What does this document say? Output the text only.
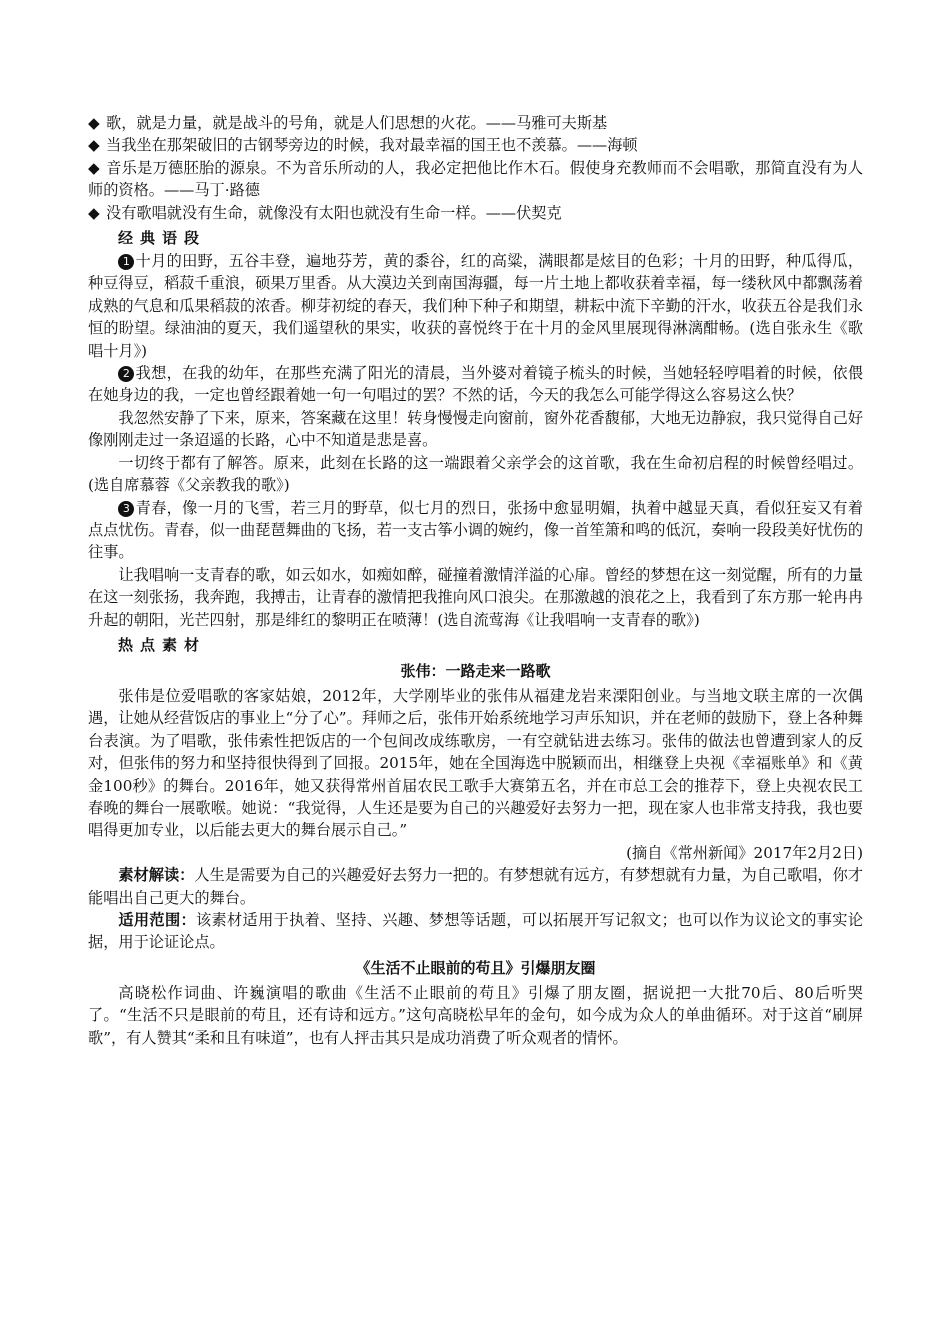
◆ 歌，就是力量，就是战斗的号角，就是人们思想的火花。——马雅可夫斯基

◆ 当我坐在那架破旧的古钢琴旁边的时候，我对最幸福的国王也不羡慕。——海顿

◆ 音乐是万德胚胎的源泉。不为音乐所动的人，我必定把他比作木石。假使身充教师而不会唱歌，那简直没有为人师的资格。——马丁·路德

◆ 没有歌唱就没有生命，就像没有太阳也就没有生命一样。——伏契克

经典语段

1 十月的田野，五谷丰登，遍地芬芳，黄的黍谷，红的高粱，满眼都是炫目的色彩；十月的田野，种瓜得瓜，种豆得豆，稻菽千重浪，硕果万里香。从大漠边关到南国海疆，每一片土地上都收获着幸福，每一缕秋风中都飘荡着成熟的气息和瓜果稻菽的浓香。柳芽初绽的春天，我们种下种子和期望，耕耘中流下辛勤的汗水，收获五谷是我们永恒的盼望。绿油油的夏天，我们遥望秋的果实，收获的喜悦终于在十月的金风里展现得淋漓酣畅。(选自张永生《歌唱十月》)

2 我想，在我的幼年，在那些充满了阳光的清晨，当外婆对着镜子梳头的时候，当她轻轻哼唱着的时候，依偎在她身边的我，一定也曾经跟着她一句一句唱过的罢？不然的话，今天的我怎么可能学得这么容易这么快？

我忽然安静了下来，原来，答案藏在这里！转身慢慢走向窗前，窗外花香馥郁，大地无边静寂，我只觉得自己好像刚刚走过一条迢遥的长路，心中不知道是悲是喜。

一切终于都有了解答。原来，此刻在长路的这一端跟着父亲学会的这首歌，我在生命初启程的时候曾经唱过。(选自席慕蓉《父亲教我的歌》)

3 青春，像一月的飞雪，若三月的野草，似七月的烈日，张扬中愈显明媚，执着中越显天真，看似狂妄又有着点点忧伤。青春，似一曲琵琶舞曲的飞扬，若一支古筝小调的婉约，像一首笙箫和鸣的低沉，奏响一段段美好忧伤的往事。

让我唱响一支青春的歌，如云如水，如痴如醉，碰撞着激情洋溢的心扉。曾经的梦想在这一刻觉醒，所有的力量在这一刻张扬，我奔跑，我搏击，让青春的激情把我推向风口浪尖。在那激越的浪花之上，我看到了东方那一轮冉冉升起的朝阳，光芒四射，那是绯红的黎明正在喷薄！(选自流莺海《让我唱响一支青春的歌》)

热点素材
张伟：一路走来一路歌

张伟是位爱唱歌的客家姑娘，2012年，大学刚毕业的张伟从福建龙岩来溧阳创业。与当地文联主席的一次偶遇，让她从经营饭店的事业上“分了心”。拜师之后，张伟开始系统地学习声乐知识，并在老师的鼓励下，登上各种舞台表演。为了唱歌，张伟索性把饭店的一个包间改成练歌房，一有空就钻进去练习。张伟的做法也曾遭到家人的反对，但张伟的努力和坚持很快得到了回报。2015年，她在全国海选中脱颖而出，相继登上央视《幸福账单》和《黄金100秒》的舞台。2016年，她又获得常州首届农民工歌手大赛第五名，并在市总工会的推荐下，登上央视农民工春晚的舞台一展歌喉。她说：“我觉得，人生还是要为自己的兴趣爱好去努力一把，现在家人也非常支持我，我也要唱得更加专业，以后能去更大的舞台展示自己。”

(摘自《常州新闻》2017年2月2日)

素材解读：人生是需要为自己的兴趣爱好去努力一把的。有梦想就有远方，有梦想就有力量，为自己歌唱，你才能唱出自己更大的舞台。

适用范围：该素材适用于执着、坚持、兴趣、梦想等话题，可以拓展开写记叙文；也可以作为议论文的事实论据，用于论证论点。

《生活不止眼前的苟且》引爆朋友圈

高晓松作词曲、许巍演唱的歌曲《生活不止眼前的苟且》引爆了朋友圈，据说把一大批70后、80后听哭了。“生活不只是眼前的苟且，还有诗和远方。”这句高晓松早年的金句，如今成为众人的单曲循环。对于这首“刷屏歌”，有人赞其“柔和且有味道”，也有人抨击其只是成功消费了听众观者的情怀。
